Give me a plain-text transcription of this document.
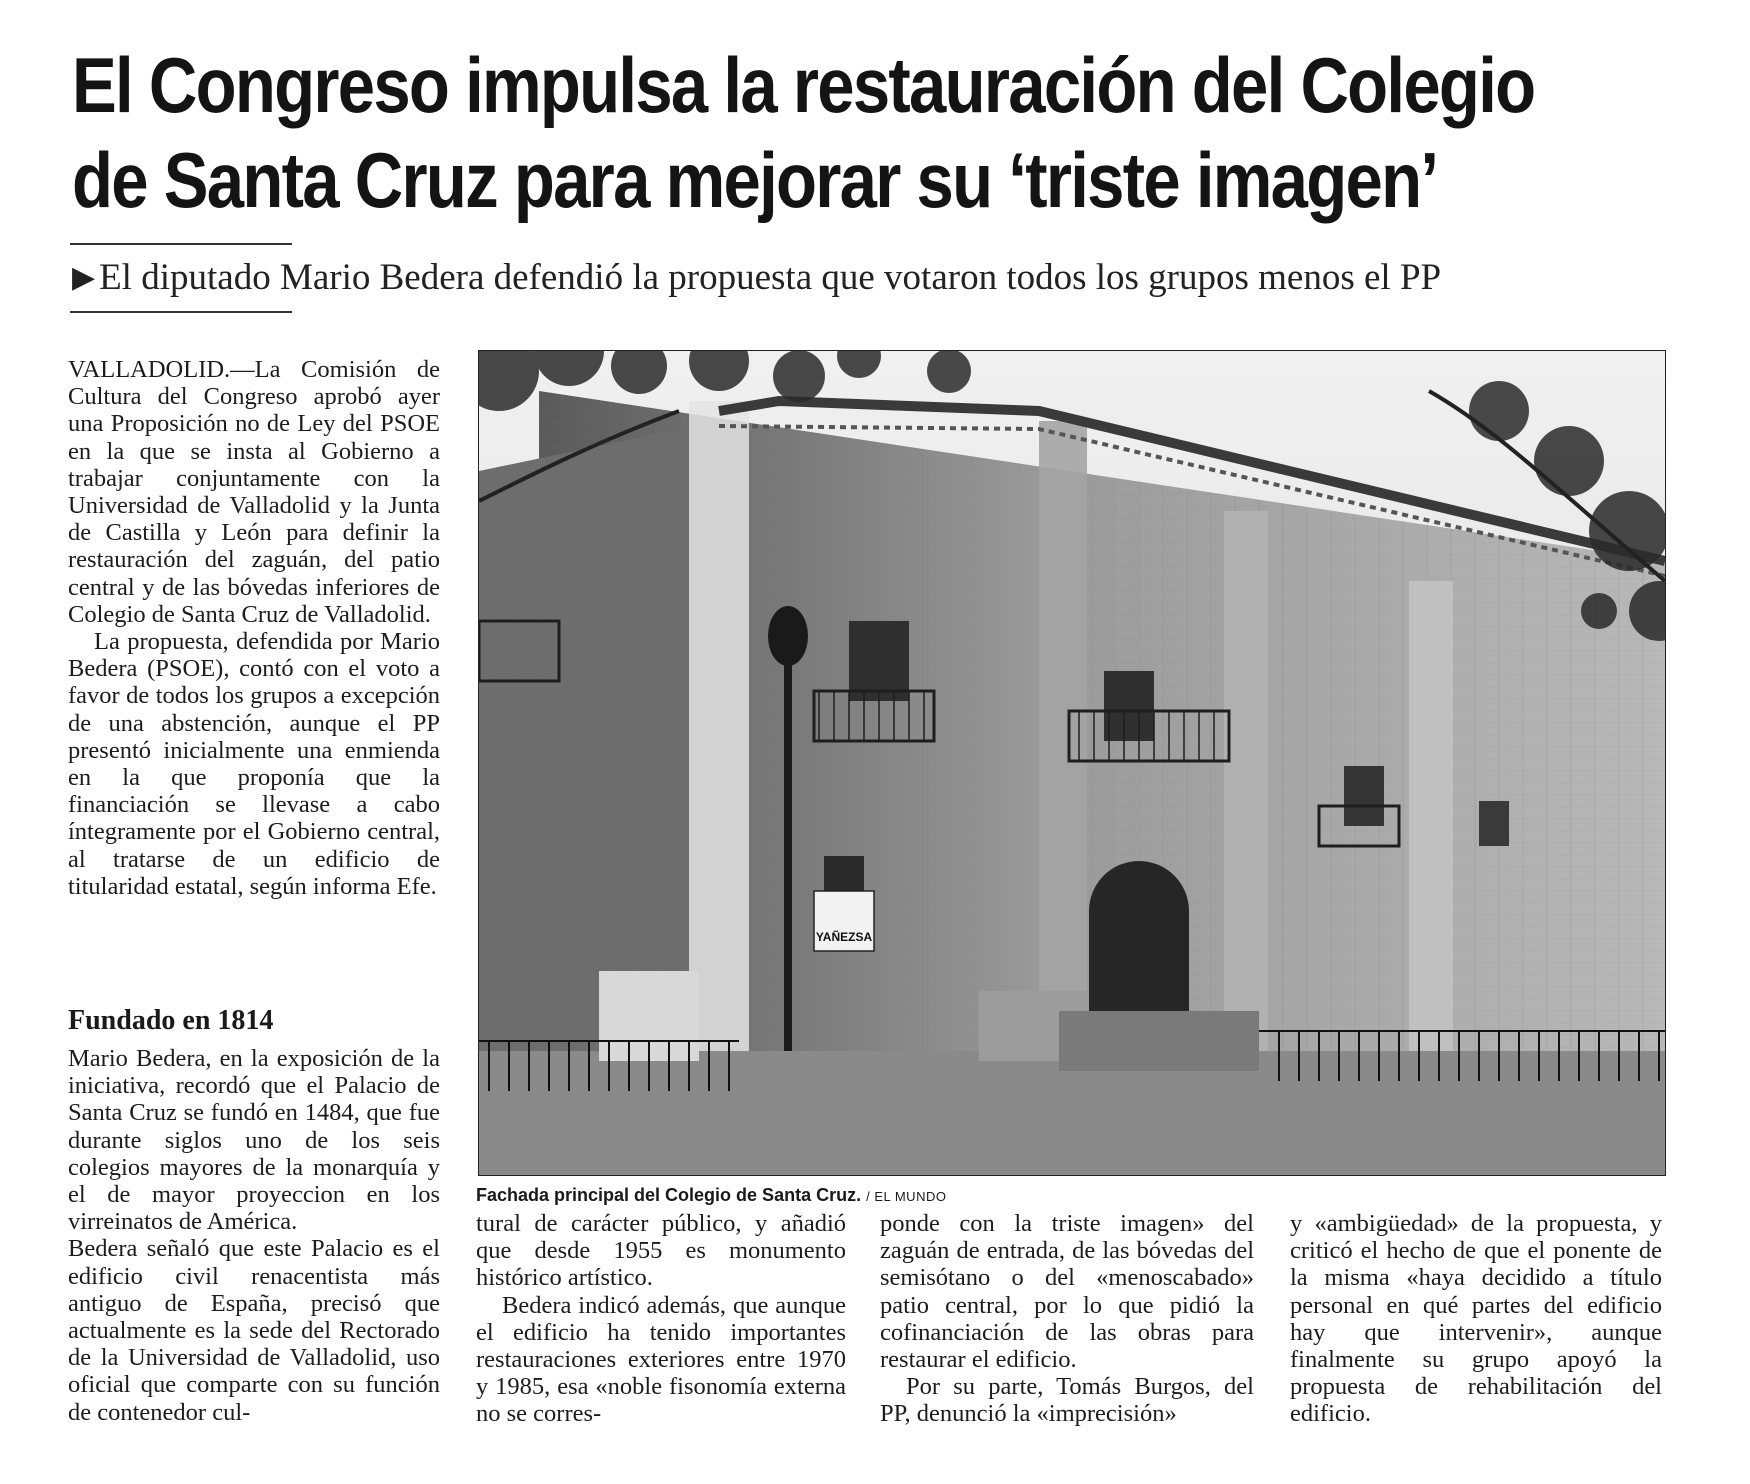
El Congreso impulsa la restauración del Colegio
de Santa Cruz para mejorar su ‘triste imagen’
▶ El diputado Mario Bedera defendió la propuesta que votaron todos los grupos menos el PP

VALLADOLID.—La Comisión de Cultura del Congreso aprobó ayer una Proposición no de Ley del PSOE en la que se insta al Gobierno a trabajar conjuntamente con la Universidad de Valladolid y la Junta de Castilla y León para definir la restauración del zaguán, del patio central y de las bóvedas inferiores de Colegio de Santa Cruz de Valladolid.

La propuesta, defendida por Mario Bedera (PSOE), contó con el voto a favor de todos los grupos a excepción de una abstención, aunque el PP presentó inicialmente una enmienda en la que proponía que la financiación se llevase a cabo íntegramente por el Gobierno central, al tratarse de un edificio de titularidad estatal, según informa Efe.

Fundado en 1814

Mario Bedera, en la exposición de la iniciativa, recordó que el Palacio de Santa Cruz se fundó en 1484, que fue durante siglos uno de los seis colegios mayores de la monarquía y el de mayor proyeccion en los virreinatos de América.

Bedera señaló que este Palacio es el edificio civil renacentista más antiguo de España, precisó que actualmente es la sede del Rectorado de la Universidad de Valladolid, uso oficial que comparte con su función de contenedor cul-

YAÑEZSA
Fachada principal del Colegio de Santa Cruz. / EL MUNDO

tural de carácter público, y añadió que desde 1955 es monumento histórico artístico.

Bedera indicó además, que aunque el edificio ha tenido importantes restauraciones exteriores entre 1970 y 1985, esa «noble fisonomía externa no se corres-

ponde con la triste imagen» del zaguán de entrada, de las bóvedas del semisótano o del «menoscabado» patio central, por lo que pidió la cofinanciación de las obras para restaurar el edificio.

Por su parte, Tomás Burgos, del PP, denunció la «imprecisión»

y «ambigüedad» de la propuesta, y criticó el hecho de que el ponente de la misma «haya decidido a título personal en qué partes del edificio hay que intervenir», aunque finalmente su grupo apoyó la propuesta de rehabilitación del edificio.
